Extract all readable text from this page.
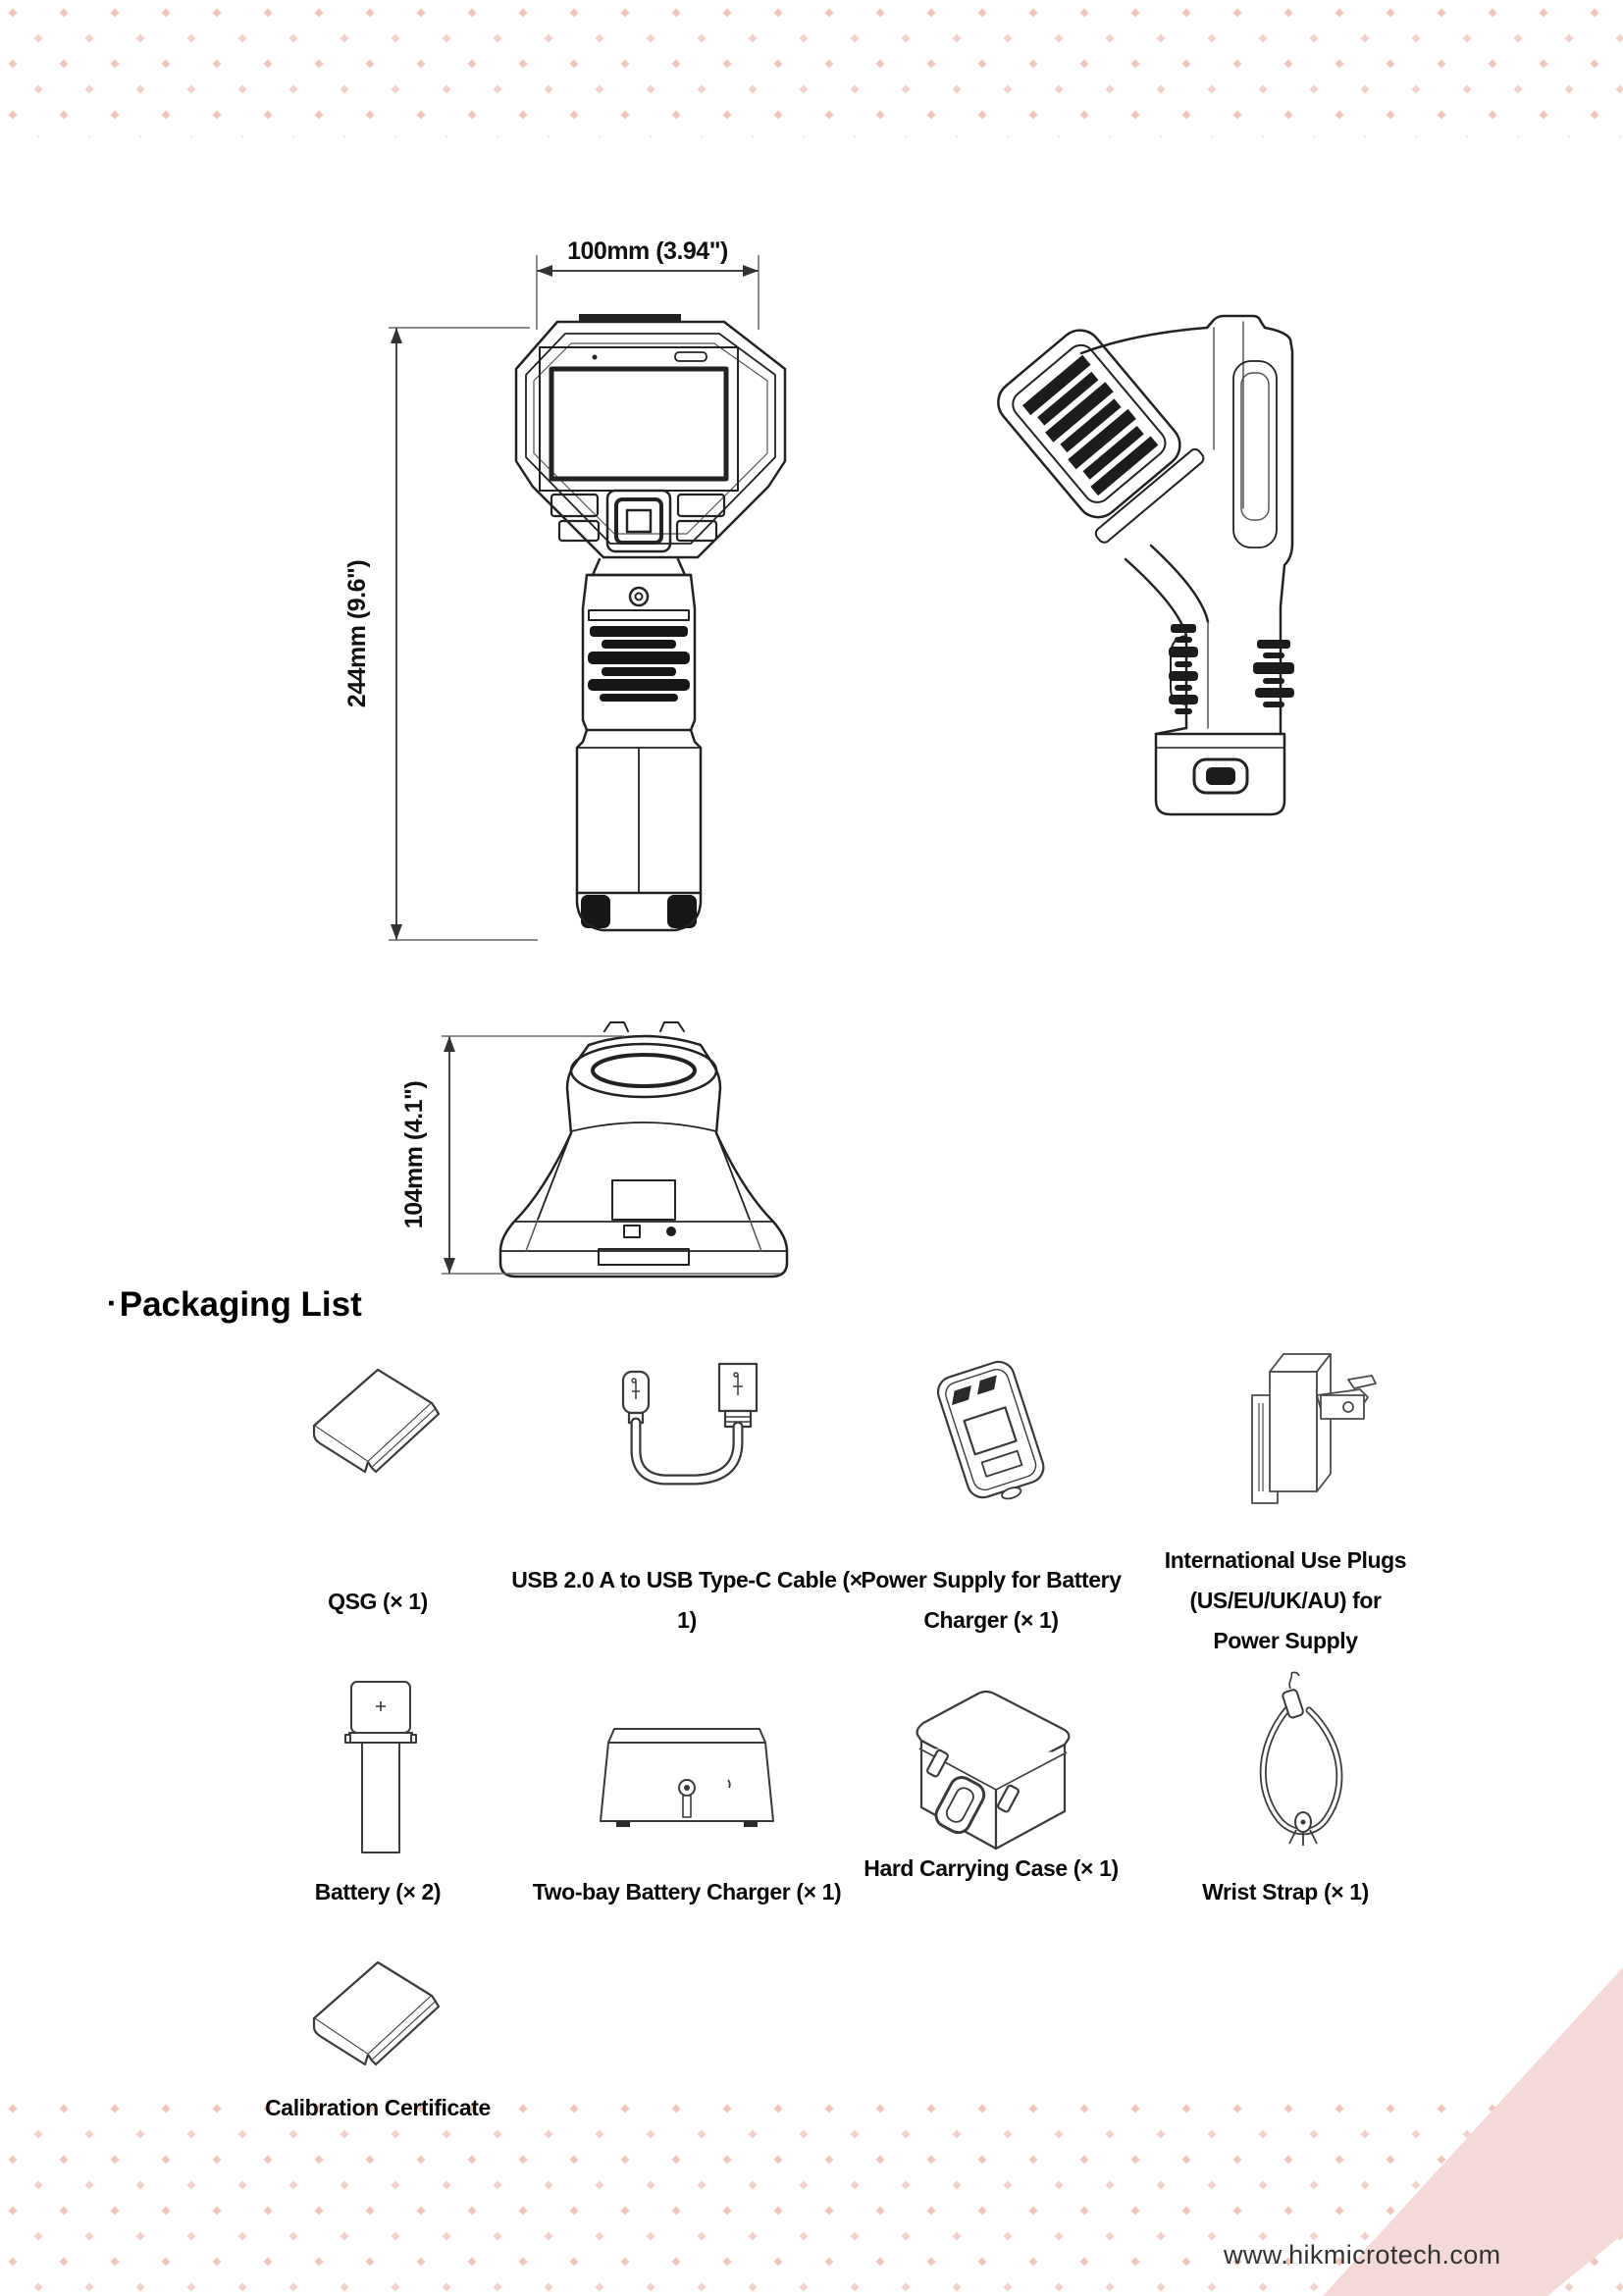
100mm (3.94")
244mm (9.6")
104mm (4.1")
▪ Packaging List
QSG (× 1)
USB 2.0 A to USB Type-C Cable (× 1)
Power Supply for Battery Charger (× 1)
International Use Plugs (US/EU/UK/AU) for Power Supply
Battery (× 2)	Two-bay Battery Charger (× 1)
Hard Carrying Case (× 1)
Wrist Strap (× 1)
Calibration Certificate
www.hikmicrotech.com
